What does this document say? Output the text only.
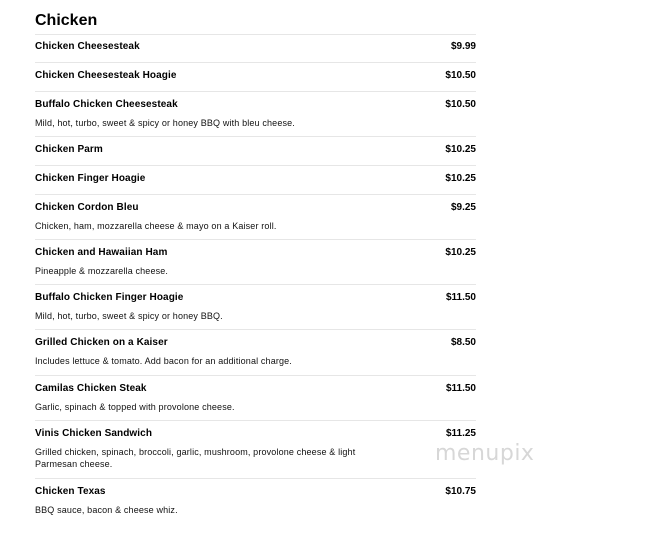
Chicken
Chicken Cheesesteak	$9.99
Chicken Cheesesteak Hoagie	$10.50
Buffalo Chicken Cheesesteak	$10.50
Mild, hot, turbo, sweet & spicy or honey BBQ with bleu cheese.
Chicken Parm	$10.25
Chicken Finger Hoagie	$10.25
Chicken Cordon Bleu	$9.25
Chicken, ham, mozzarella cheese & mayo on a Kaiser roll.
Chicken and Hawaiian Ham	$10.25
Pineapple & mozzarella cheese.
Buffalo Chicken Finger Hoagie	$11.50
Mild, hot, turbo, sweet & spicy or honey BBQ.
Grilled Chicken on a Kaiser	$8.50
Includes lettuce & tomato. Add bacon for an additional charge.
Camilas Chicken Steak	$11.50
Garlic, spinach & topped with provolone cheese.
Vinis Chicken Sandwich	$11.25
Grilled chicken, spinach, broccoli, garlic, mushroom, provolone cheese & light Parmesan cheese.
Chicken Texas	$10.75
BBQ sauce, bacon & cheese whiz.
menupix
